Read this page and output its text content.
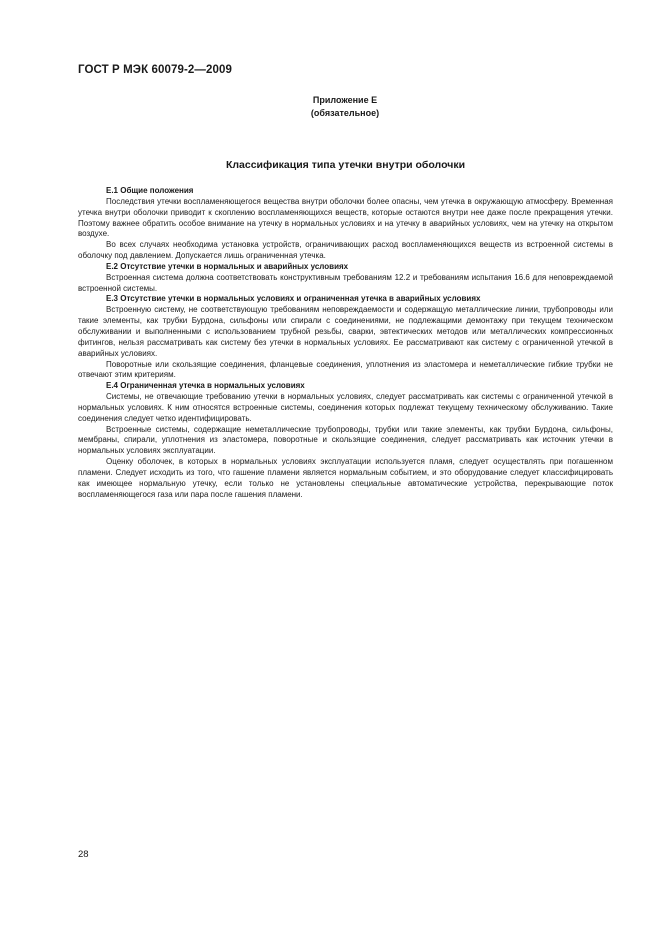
ГОСТ Р МЭК 60079-2—2009
Приложение Е
(обязательное)
Классификация типа утечки внутри оболочки

Е.1 Общие положения

Последствия утечки воспламеняющегося вещества внутри оболочки более опасны, чем утечка в окружающую атмосферу. Временная утечка внутри оболочки приводит к скоплению воспламеняющихся веществ, которые остаются внутри нее даже после прекращения утечки. Поэтому важнее обратить особое внимание на утечку в нормальных условиях и на утечку в аварийных условиях, чем на утечку на открытом воздухе.

Во всех случаях необходима установка устройств, ограничивающих расход воспламеняющихся веществ из встроенной системы в оболочку под давлением. Допускается лишь ограниченная утечка.

Е.2 Отсутствие утечки в нормальных и аварийных условиях

Встроенная система должна соответствовать конструктивным требованиям 12.2 и требованиям испытания 16.6 для неповреждаемой встроенной системы.

Е.3 Отсутствие утечки в нормальных условиях и ограниченная утечка в аварийных условиях

Встроенную систему, не соответствующую требованиям неповреждаемости и содержащую металлические линии, трубопроводы или такие элементы, как трубки Бурдона, сильфоны или спирали с соединениями, не подлежащими демонтажу при текущем техническом обслуживании и выполненными с использованием трубной резьбы, сварки, эвтектических методов или металлических компрессионных фитингов, нельзя рассматривать как систему без утечки в нормальных условиях. Ее рассматривают как систему с ограниченной утечкой в аварийных условиях.

Поворотные или скользящие соединения, фланцевые соединения, уплотнения из эластомера и неметаллические гибкие трубки не отвечают этим критериям.

Е.4 Ограниченная утечка в нормальных условиях

Системы, не отвечающие требованию утечки в нормальных условиях, следует рассматривать как системы с ограниченной утечкой в нормальных условиях. К ним относятся встроенные системы, соединения которых подлежат текущему техническому обслуживанию. Такие соединения следует четко идентифицировать.

Встроенные системы, содержащие неметаллические трубопроводы, трубки или такие элементы, как трубки Бурдона, сильфоны, мембраны, спирали, уплотнения из эластомера, поворотные и скользящие соединения, следует рассматривать как источник утечки в нормальных условиях эксплуатации.

Оценку оболочек, в которых в нормальных условиях эксплуатации используется пламя, следует осуществлять при погашенном пламени. Следует исходить из того, что гашение пламени является нормальным событием, и это оборудование следует классифицировать как имеющее нормальную утечку, если только не установлены специальные автоматические устройства, перекрывающие поток воспламеняющегося газа или пара после гашения пламени.

28
